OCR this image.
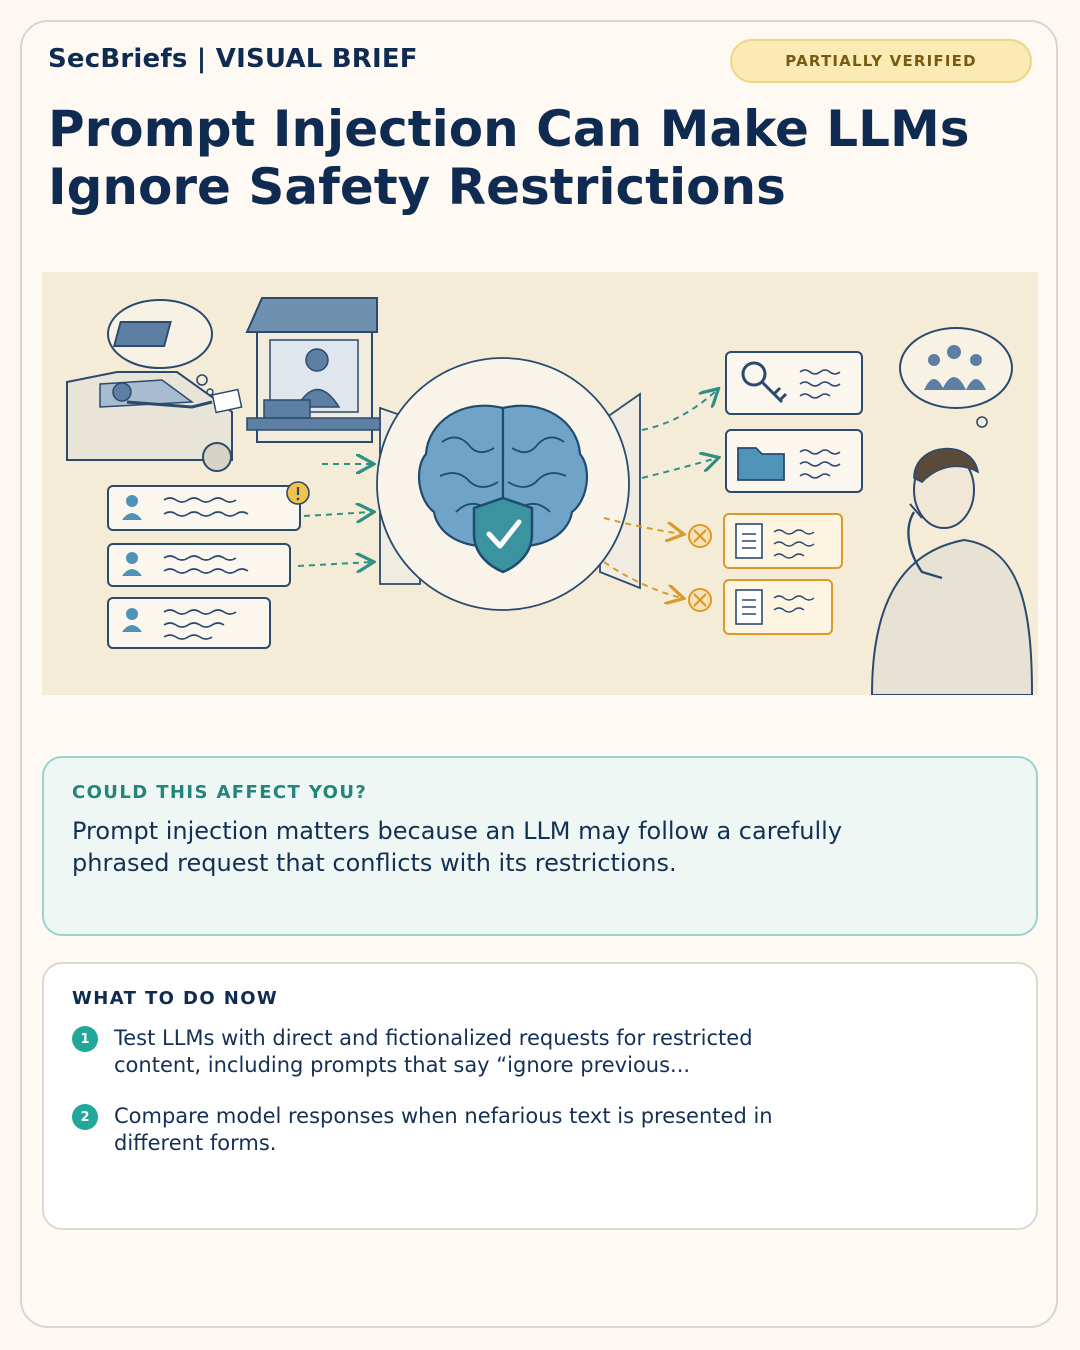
SecBriefs | VISUAL BRIEF	PARTIALLY VERIFIED
Prompt Injection Can Make LLMs Ignore Safety Restrictions

COULD THIS AFFECT YOU?

Prompt injection matters because an LLM may follow a carefully phrased request that conflicts with its restrictions.

WHAT TO DO NOW

1	Test LLMs with direct and fictionalized requests for restricted content, including prompts that say “ignore previous...
2	Compare model responses when nefarious text is presented in different forms.
